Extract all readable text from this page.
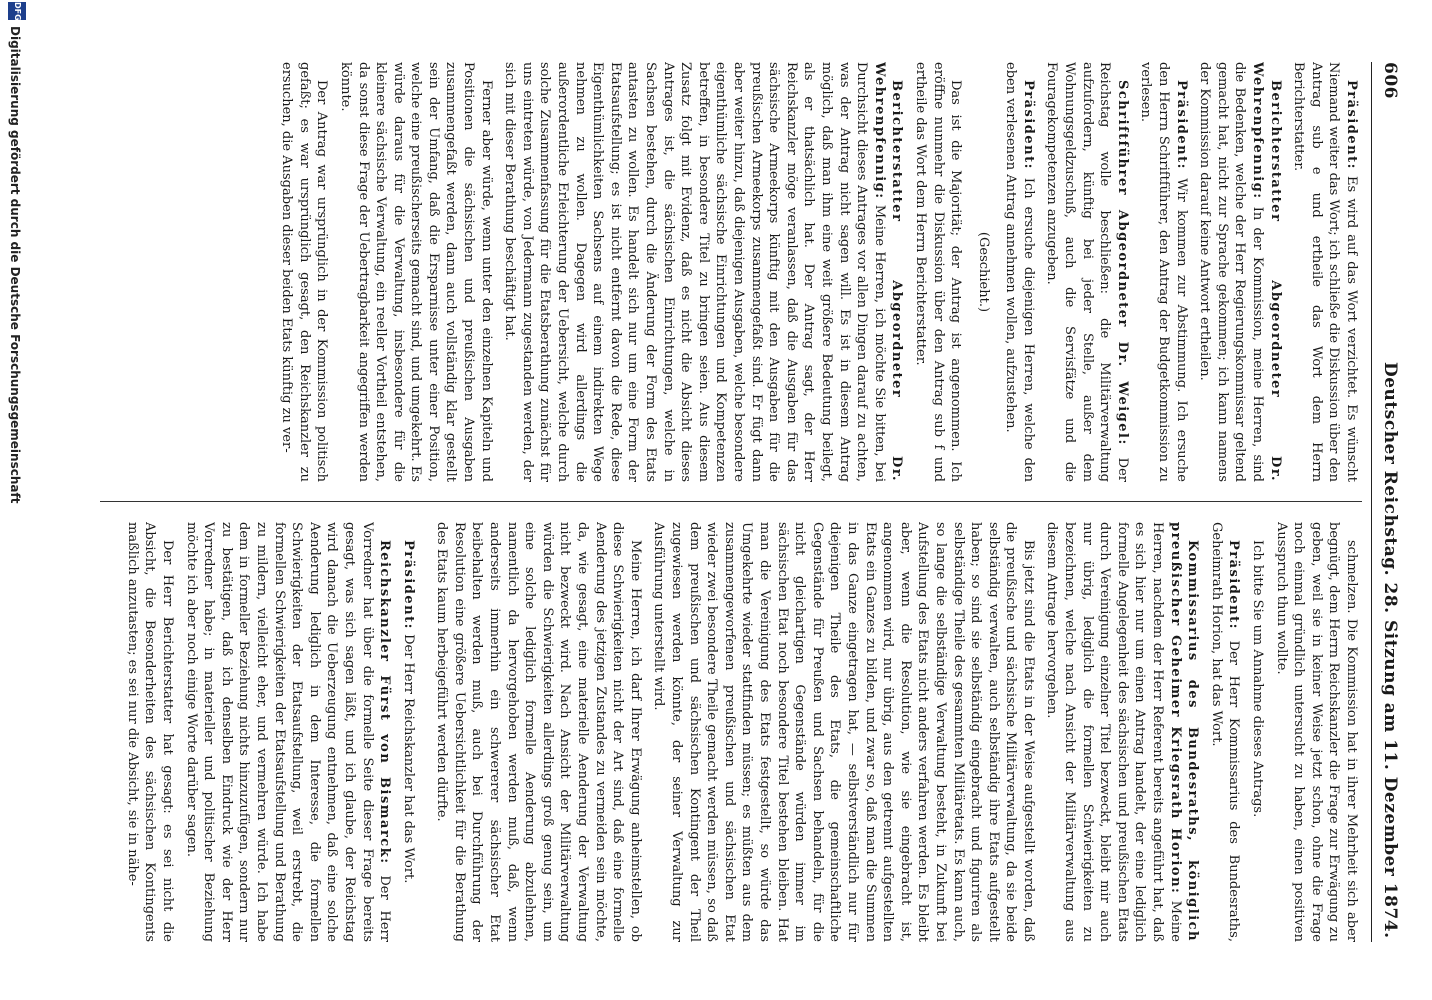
606
Deutscher Reichstag. 28. Sitzung am 11. Dezember 1874.

Präsident: Es wird auf das Wort verzichtet. Es wünscht Niemand weiter das Wort; ich schließe die Diskussion über den Antrag sub e und ertheile das Wort dem Herrn Berichterstatter.

Berichterstatter Abgeordneter Dr. Wehrenpfennig: In der Kommission, meine Herren, sind die Bedenken, welche der Herr Regierungskommissar geltend gemacht hat, nicht zur Sprache gekommen; ich kann namens der Kommission darauf keine Antwort ertheilen.

Präsident: Wir kommen zur Abstimmung. Ich ersuche den Herrn Schriftführer, den Antrag der Budgetkommission zu verlesen.

Schriftführer Abgeordneter Dr. Weigel: Der Reichstag wolle beschließen: die Militärverwaltung aufzufordern, künftig bei jeder Stelle, außer dem Wohnungsgeldzuschuß, auch die Servisfätze und die Fouragekompetenzen anzugeben.

Präsident: Ich ersuche diejenigen Herren, welche den eben verlesenen Antrag annehmen wollen, aufzustehen.

(Geschieht.)

Das ist die Majorität; der Antrag ist angenommen. Ich eröffne nunmehr die Diskussion über den Antrag sub f und ertheile das Wort dem Herrn Berichterstatter.

Berichterstatter Abgeordneter Dr. Wehrenpfennig: Meine Herren, ich möchte Sie bitten, bei Durchsicht dieses Antrages vor allen Dingen darauf zu achten, was der Antrag nicht sagen will. Es ist in diesem Antrag möglich, daß man ihm eine weit größere Bedeutung beilegt, als er thatsächlich hat. Der Antrag sagt, der Herr Reichskanzler möge veranlassen, daß die Ausgaben für das sächsische Armeekorps künftig mit den Ausgaben für die preußischen Armeekorps zusammengefaßt sind. Er fügt dann aber weiter hinzu, daß diejenigen Ausgaben, welche besondere eigenthümliche sächsische Einrichtungen und Kompetenzen betreffen, in besondere Titel zu bringen seien. Aus diesem Zusatz folgt mit Evidenz, daß es nicht die Absicht dieses Antrages ist, die sächsischen Einrichtungen, welche in Sachsen bestehen, durch die Änderung der Form des Etats antasten zu wollen. Es handelt sich nur um eine Form der Etatsaufstellung; es ist nicht entfernt davon die Rede, diese Eigenthümlichkeiten Sachsens auf einem indirekten Wege nehmen zu wollen. Dagegen wird allerdings die außerordentliche Erleichterung der Uebersicht, welche durch solche Zusammenfassung für die Etatsberathung zunächst für uns eintreten würde, von Jedermann zugestanden werden, der sich mit dieser Berathung beschäftigt hat.

Ferner aber würde, wenn unter den einzelnen Kapiteln und Positionen die sächsischen und preußischen Ausgaben zusammengefaßt werden, dann auch vollständig klar gestellt sein der Umfang, daß die Ersparnisse unter einer Position, welche eine preußischerseits gemacht sind, und umgekehrt. Es würde daraus für die Verwaltung, insbesondere für die kleinere sächsische Verwaltung, ein reeller Vortheil entstehen, da sonst diese Frage der Uebertragbarkeit angegriffen werden könnte.

Der Antrag war ursprünglich in der Kommission politisch gefaßt; es war ursprünglich gesagt, den Reichskanzler zu ersuchen, die Ausgaben dieser beiden Etats künftig zu ver-

schmelzen. Die Kommission hat in ihrer Mehrheit sich aber begnügt, dem Herrn Reichskanzler die Frage zur Erwägung zu geben, weil sie in keiner Weise jetzt schon, ohne die Frage noch einmal gründlich untersucht zu haben, einen positiven Ausspruch thun wollte.

Ich bitte Sie um Annahme dieses Antrags.

Präsident: Der Herr Kommissarius des Bundesraths, Geheimrath Horion, hat das Wort.

Kommissarius des Bundesraths, königlich preußischer Geheimer Kriegsrath Horion: Meine Herren, nachdem der Herr Referent bereits angeführt hat, daß es sich hier nur um einen Antrag handelt, der eine lediglich formelle Angelegenheit des sächsischen und preußischen Etats durch Vereinigung einzelner Titel bezweckt, bleibt mir auch nur übrig, lediglich die formellen Schwierigkeiten zu bezeichnen, welche nach Ansicht der Militärverwaltung aus diesem Antrage hervorgehen.

Bis jetzt sind die Etats in der Weise aufgestellt worden, daß die preußische und sächsische Militärverwaltung, da sie beide selbständig verwalten, auch selbständig ihre Etats aufgestellt haben; so sind sie selbständig eingebracht und figuriren als selbständige Theile des gesammten Militäretats. Es kann auch, so lange die selbständige Verwaltung besteht, in Zukunft bei Aufstellung des Etats nicht anders verfahren werden. Es bleibt aber, wenn die Resolution, wie sie eingebracht ist, angenommen wird, nur übrig, aus den getrennt aufgestellten Etats ein Ganzes zu bilden, und zwar so, daß man die Summen in das Ganze eingetragen hat, — selbstverständlich nur für diejenigen Theile des Etats, die gemeinschaftliche Gegenstände für Preußen und Sachsen behandeln, für die nicht gleichartigen Gegenstände würden immer im sächsischen Etat noch besondere Titel bestehen bleiben. Hat man die Vereinigung des Etats festgestellt, so würde das Umgekehrte wieder stattfinden müssen; es müßten aus dem zusammengeworfenen preußischen und sächsischen Etat wieder zwei besondere Theile gemacht werden müssen, so daß dem preußischen und sächsischen Kontingent der Theil zugewiesen werden könnte, der seiner Verwaltung zur Ausführung unterstellt wird.

Meine Herren, ich darf Ihrer Erwägung anheimstellen, ob diese Schwierigkeiten nicht der Art sind, daß eine formelle Aenderung des jetzigen Zustandes zu vermeiden sein möchte, da, wie gesagt, eine materielle Aenderung der Verwaltung nicht bezweckt wird. Nach Ansicht der Militärverwaltung würden die Schwierigkeiten allerdings groß genug sein, um eine solche lediglich formelle Aenderung abzulehnen, namentlich da hervorgehoben werden muß, daß, wenn anderseits immerhin ein schwererer sächsischer Etat beibehalten werden muß, auch bei Durchführung der Resolution eine größere Uebersichtlichkeit für die Berathung des Etats kaum herbeigeführt werden dürfte.

Präsident: Der Herr Reichskanzler hat das Wort.

Reichskanzler Fürst von Bismarck: Der Herr Vorredner hat über die formelle Seite dieser Frage bereits gesagt, was sich sagen läßt, und ich glaube, der Reichstag wird danach die Ueberzeugung entnehmen, daß eine solche Aenderung lediglich in dem Interesse, die formellen Schwierigkeiten der Etatsaufstellung, weil erstrebt, die formellen Schwierigkeiten der Etatsaufstellung und Berathung zu mildern, vielleicht eher, und vermehren würde. Ich habe dem in formeller Beziehung nichts hinzuzufügen, sondern nur zu bestätigen, daß ich denselben Eindruck wie der Herr Vorredner habe; in materieller und politischer Beziehung möchte ich aber noch einige Worte darüber sagen.

Der Herr Berichterstatter hat gesagt: es sei nicht die Absicht, die Besonderheiten des sächsischen Kontingents maßlich anzutasten; es sei nur die Absicht, sie in nähe-

DFG
Digitalisierung gefördert durch die Deutsche Forschungsgemeinschaft
